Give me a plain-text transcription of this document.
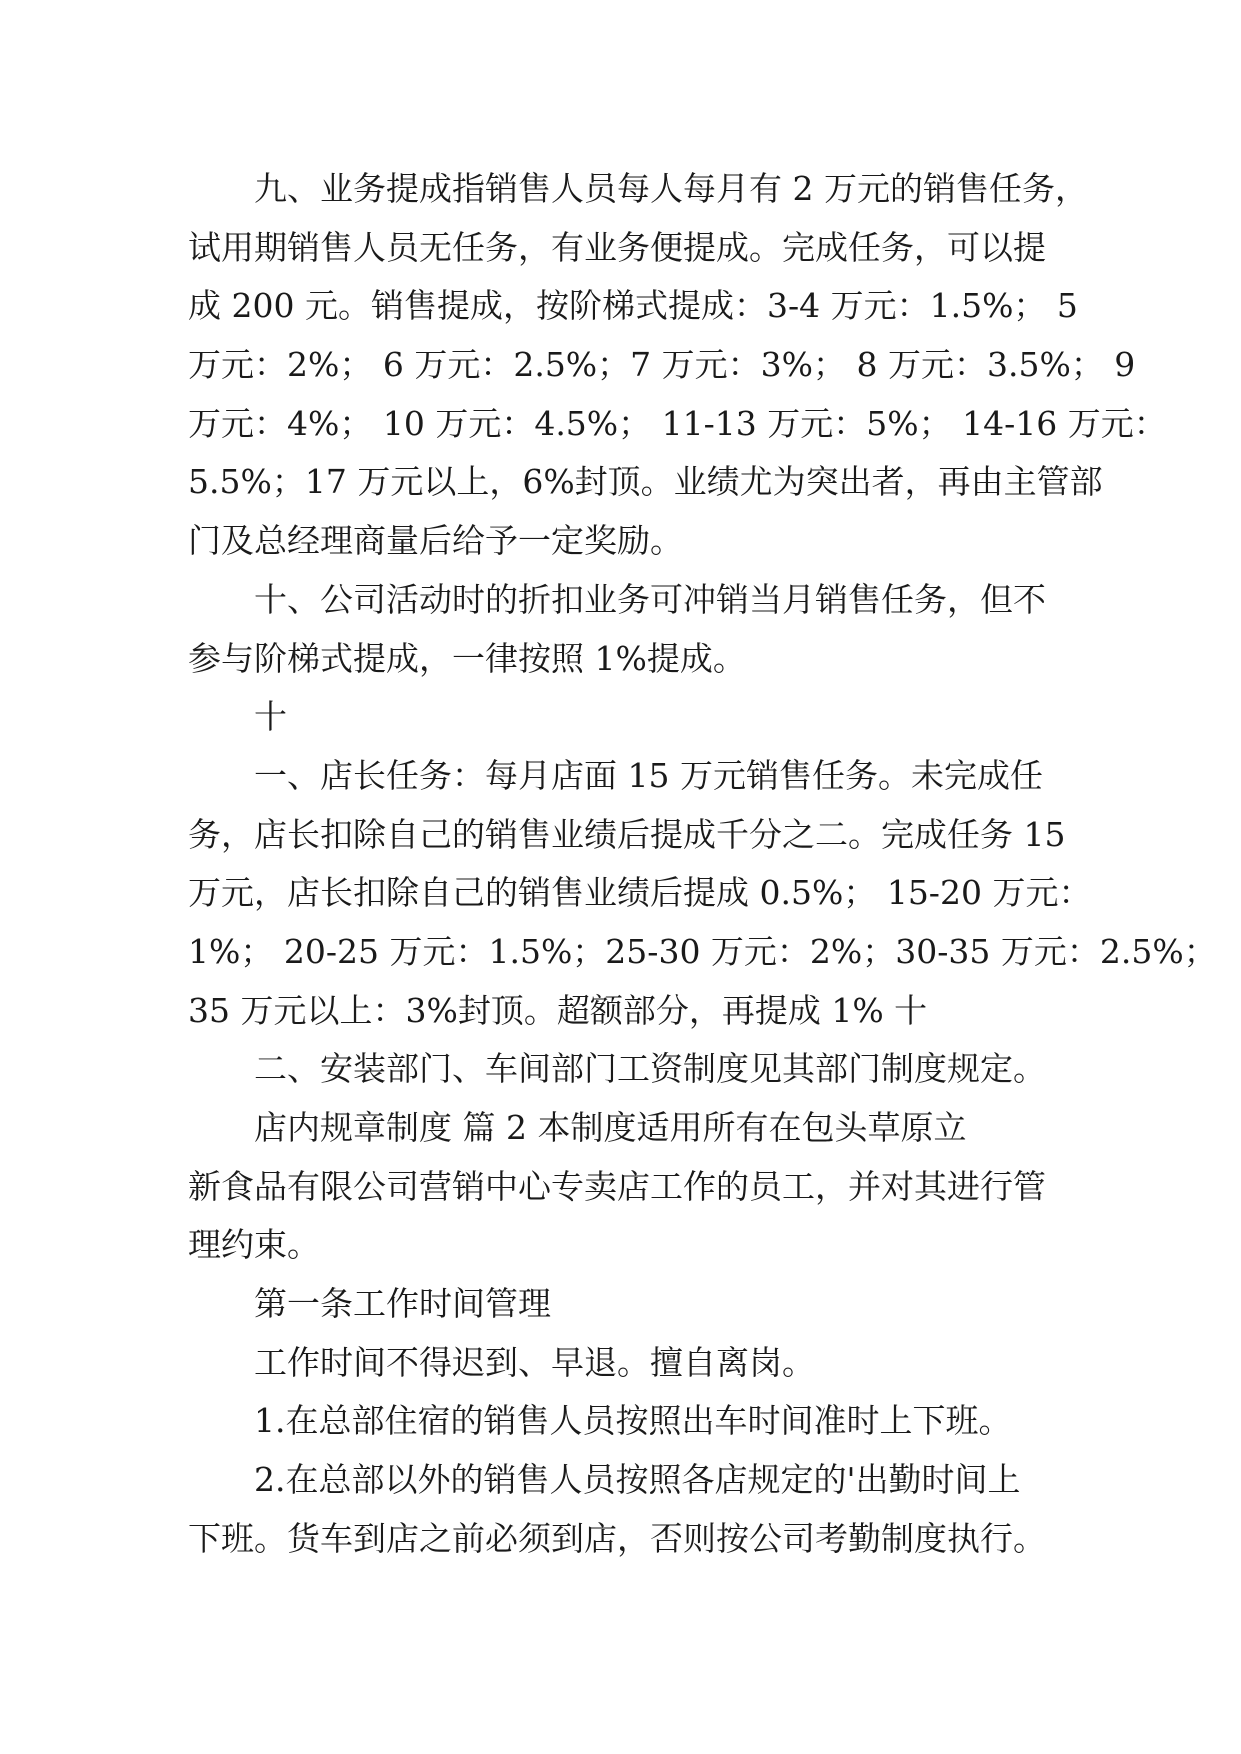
九、业务提成指销售人员每人每月有 2 万元的销售任务，
试用期销售人员无任务，有业务便提成。完成任务，可以提
成 200 元。销售提成，按阶梯式提成：3-4 万元：1.5%； 5
万元：2%； 6 万元：2.5%；7 万元：3%； 8 万元：3.5%； 9
万元：4%； 10 万元：4.5%； 11-13 万元：5%； 14-16 万元：
5.5%；17 万元以上，6%封顶。业绩尤为突出者，再由主管部
门及总经理商量后给予一定奖励。
十、公司活动时的折扣业务可冲销当月销售任务，但不
参与阶梯式提成，一律按照 1%提成。
十
一、店长任务：每月店面 15 万元销售任务。未完成任
务，店长扣除自己的销售业绩后提成千分之二。完成任务 15
万元，店长扣除自己的销售业绩后提成 0.5%； 15-20 万元：
1%； 20-25 万元：1.5%；25-30 万元：2%；30-35 万元：2.5%；
35 万元以上：3%封顶。超额部分，再提成 1% 十
二、安装部门、车间部门工资制度见其部门制度规定。
店内规章制度 篇 2 本制度适用所有在包头草原立
新食品有限公司营销中心专卖店工作的员工，并对其进行管
理约束。
第一条工作时间管理
工作时间不得迟到、早退。擅自离岗。
1.在总部住宿的销售人员按照出车时间准时上下班。
2.在总部以外的销售人员按照各店规定的'出勤时间上
下班。货车到店之前必须到店，否则按公司考勤制度执行。
